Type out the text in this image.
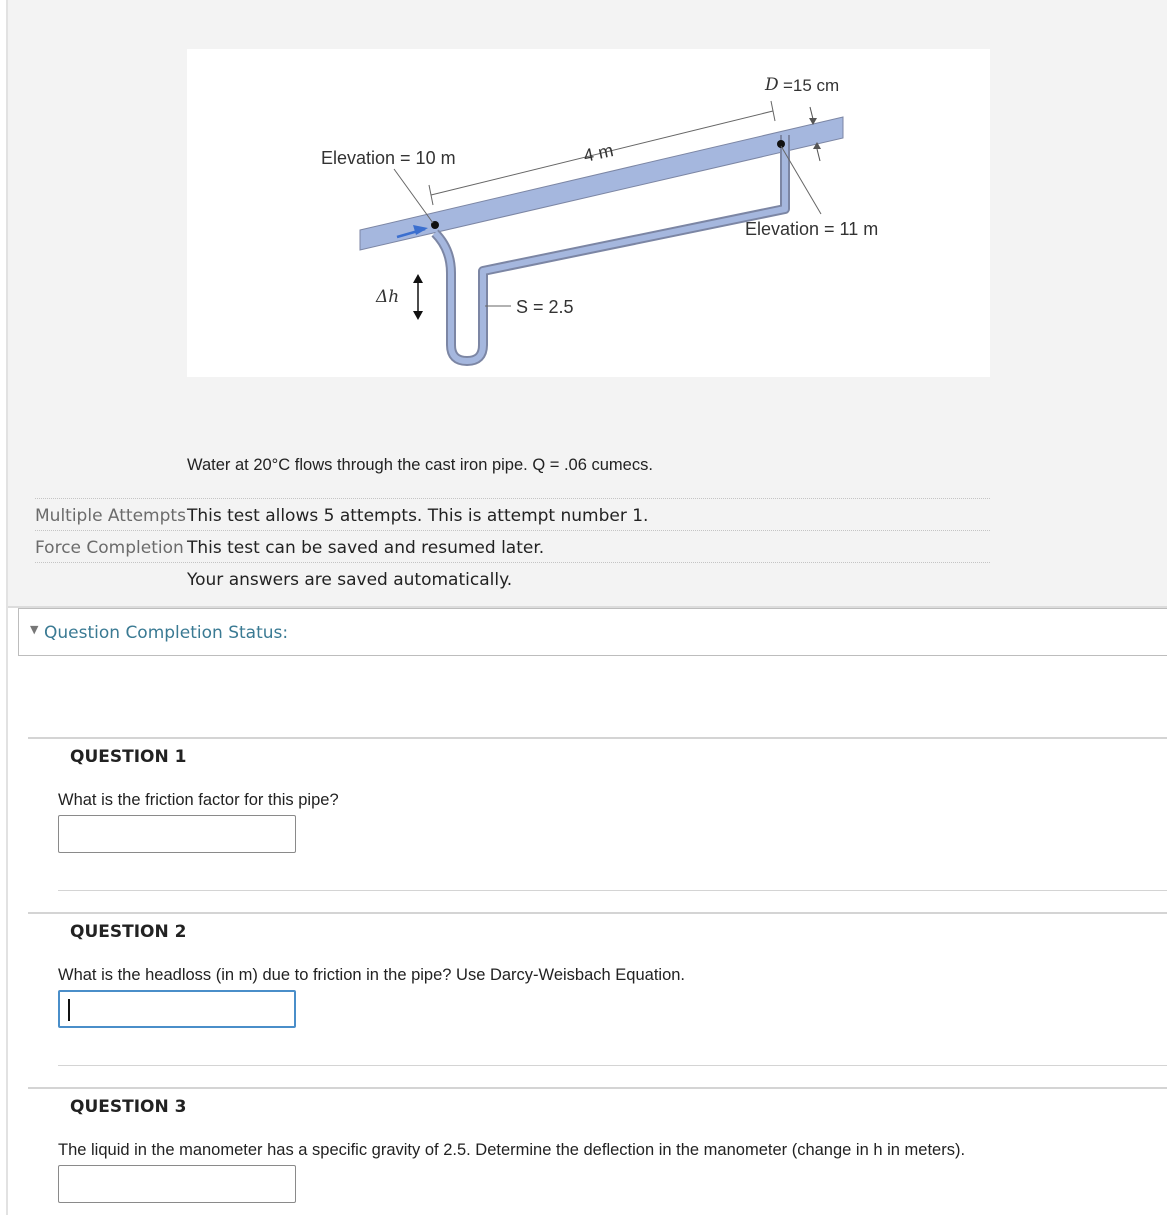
Elevation = 10 m	4 m
D =15 cm
Elevation = 11 m
Δh	S = 2.5
Water at 20°C flows through the cast iron pipe. Q = .06 cumecs.
Multiple Attempts This test allows 5 attempts. This is attempt number 1.
Force Completion This test can be saved and resumed later.
Your answers are saved automatically.
▼ Question Completion Status:
QUESTION 1
What is the friction factor for this pipe?
QUESTION 2
What is the headloss (in m) due to friction in the pipe? Use Darcy-Weisbach Equation.
QUESTION 3
The liquid in the manometer has a specific gravity of 2.5. Determine the deflection in the manometer (change in h in meters).
